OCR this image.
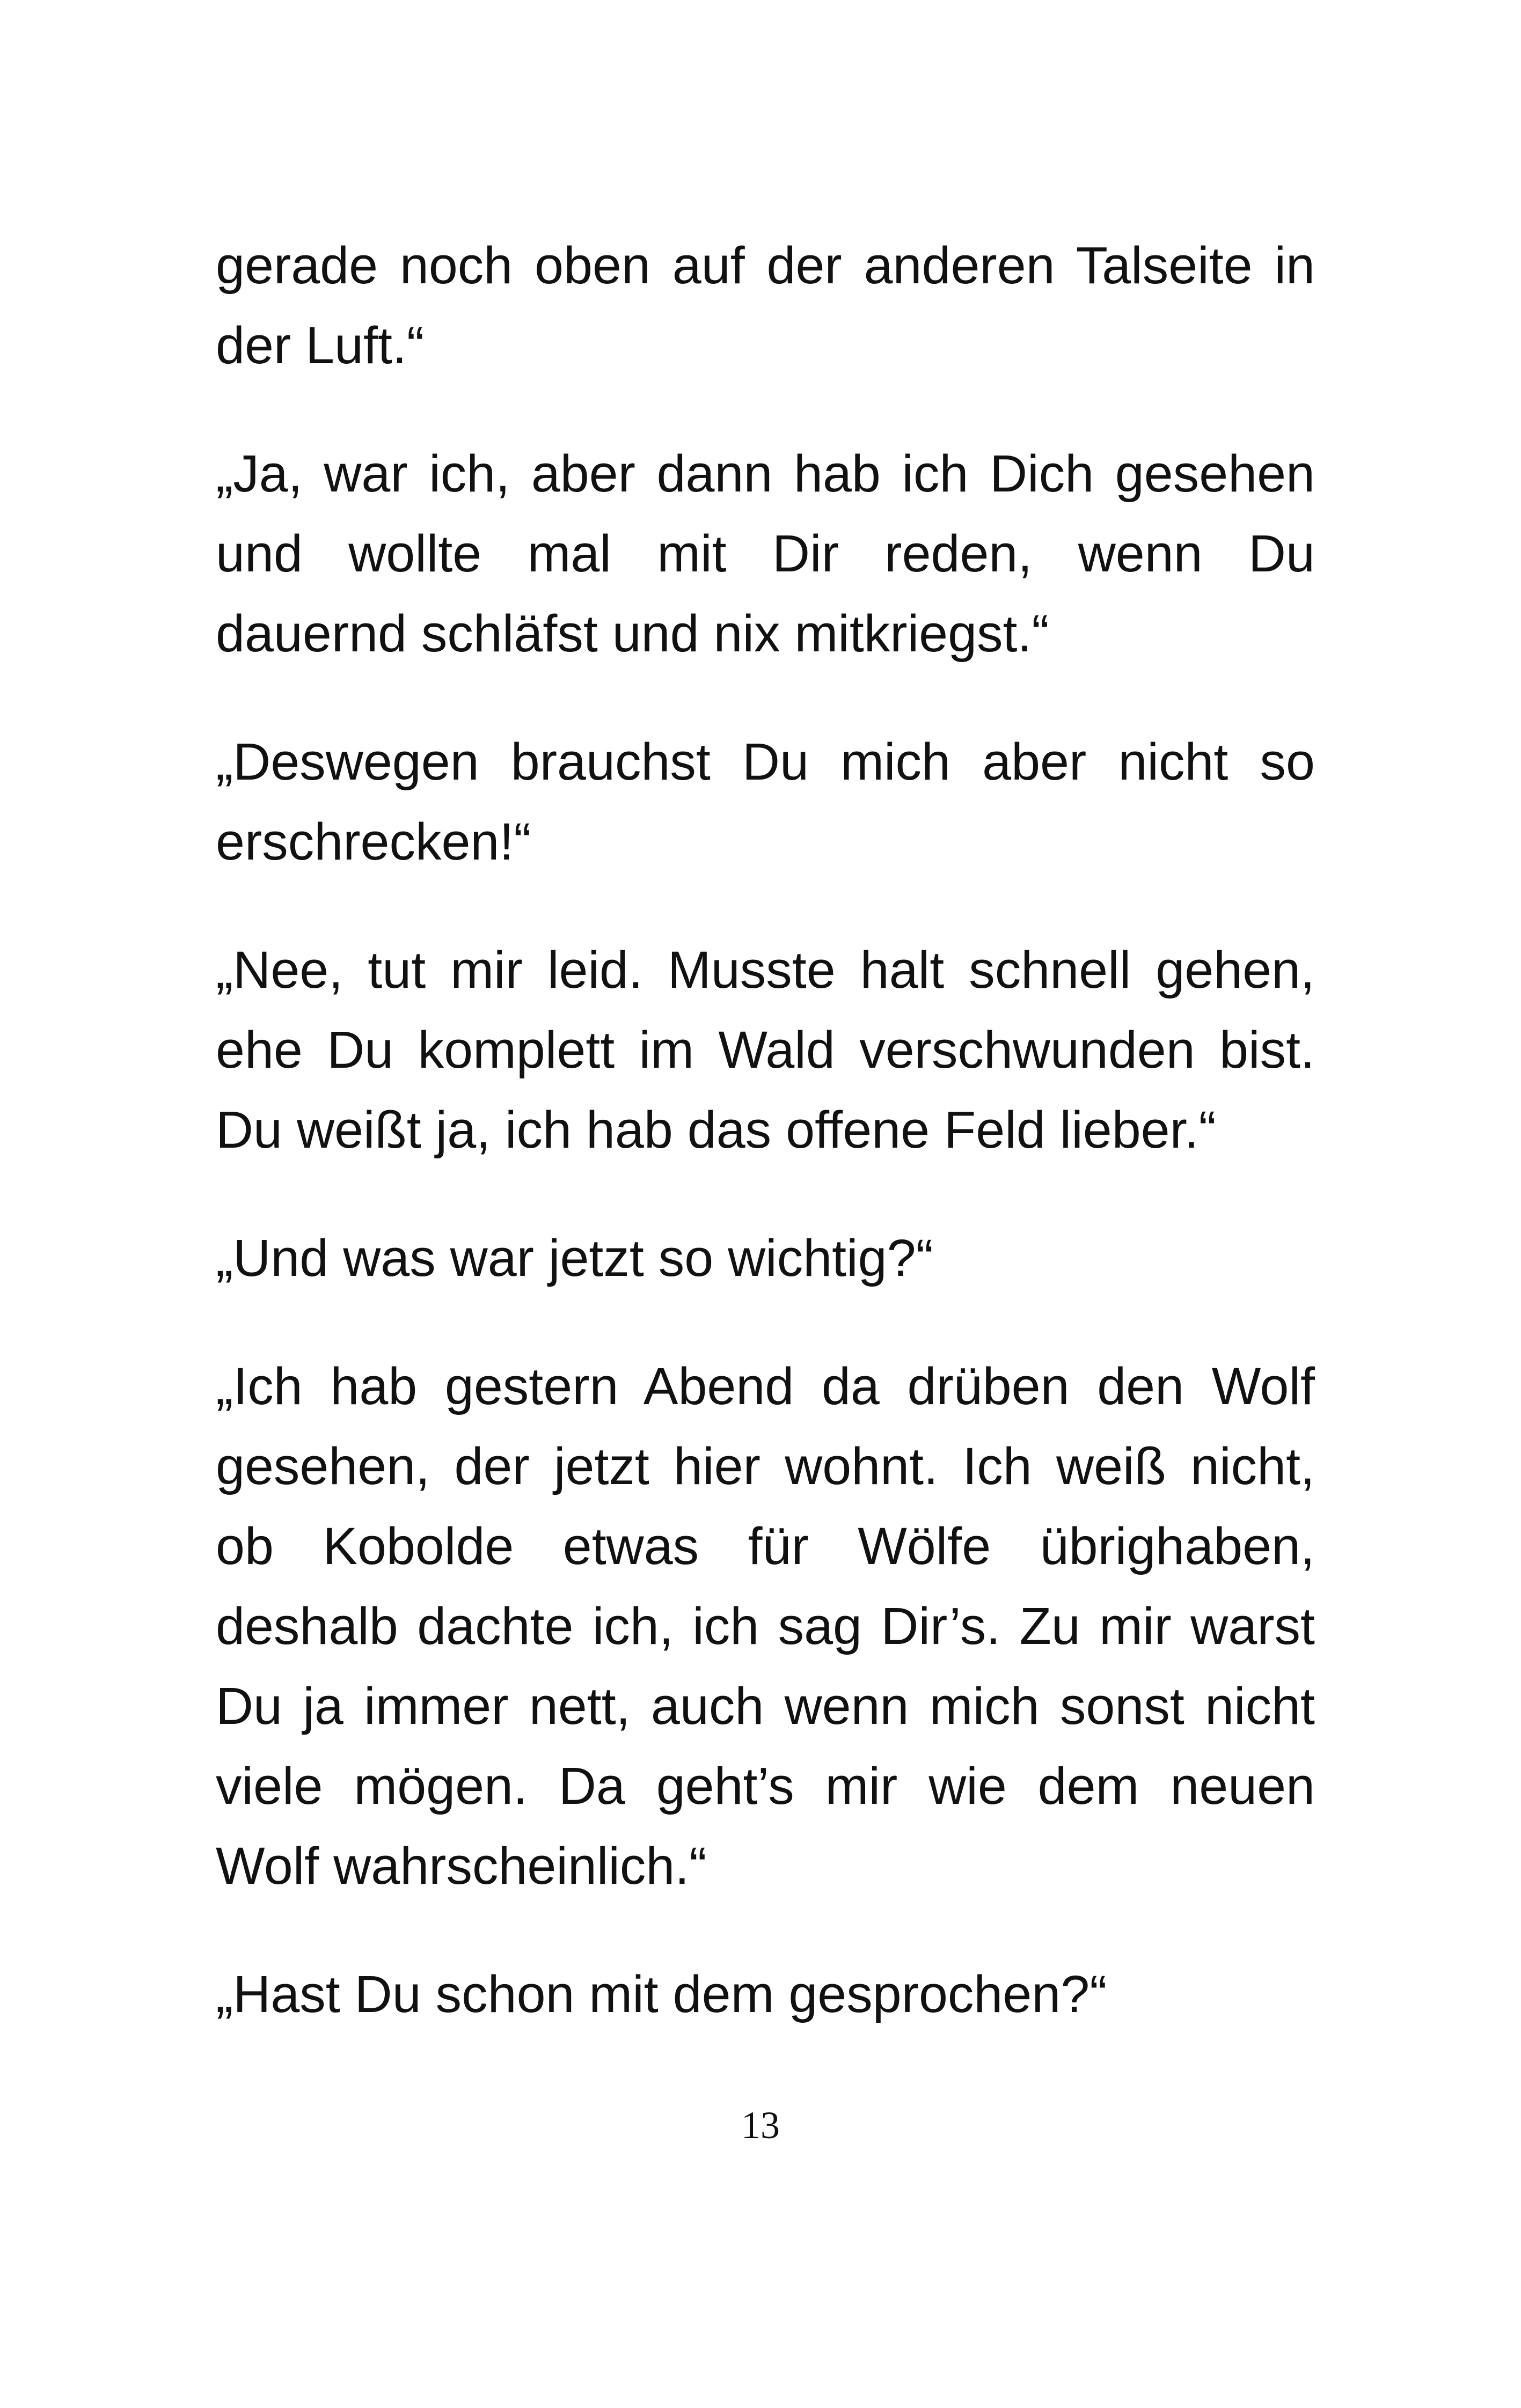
gerade noch oben auf der anderen Talseite in
der Luft.“

„Ja, war ich, aber dann hab ich Dich gesehen
und wollte mal mit Dir reden, wenn Du
dauernd schläfst und nix mitkriegst.“

„Deswegen brauchst Du mich aber nicht so
erschrecken!“

„Nee, tut mir leid. Musste halt schnell gehen,
ehe Du komplett im Wald verschwunden bist.
Du weißt ja, ich hab das offene Feld lieber.“

„Und was war jetzt so wichtig?“

„Ich hab gestern Abend da drüben den Wolf
gesehen, der jetzt hier wohnt. Ich weiß nicht,
ob Kobolde etwas für Wölfe übrighaben,
deshalb dachte ich, ich sag Dir’s. Zu mir warst
Du ja immer nett, auch wenn mich sonst nicht
viele mögen. Da geht’s mir wie dem neuen
Wolf wahrscheinlich.“

„Hast Du schon mit dem gesprochen?“

13
